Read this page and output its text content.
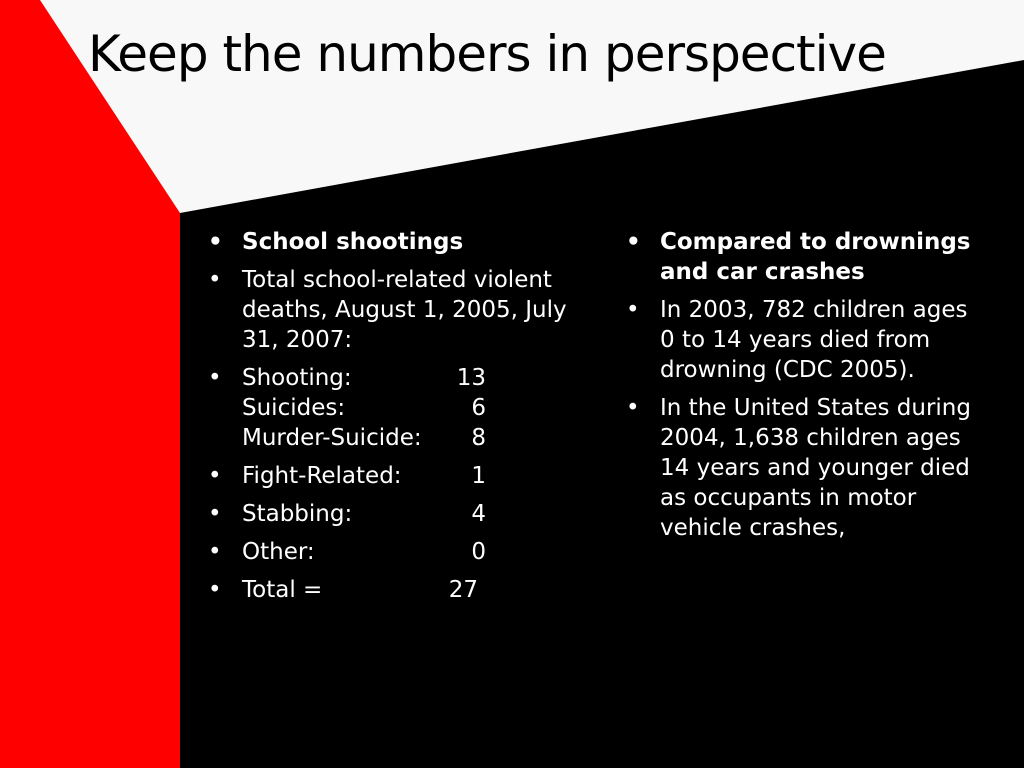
Keep the numbers in perspective
• School shootings
• Total school-related violent deaths, August 1, 2005, July 31, 2007:
• Shooting:	13
Suicides:	6
Murder-Suicide:	8
• Fight-Related:	1
• Stabbing:	4
• Other:	0
• Total =	27
• Compared to drownings and car crashes
• In 2003, 782 children ages 0 to 14 years died from drowning (CDC 2005).
• In the United States during 2004, 1,638 children ages 14 years and younger died as occupants in motor vehicle crashes,
